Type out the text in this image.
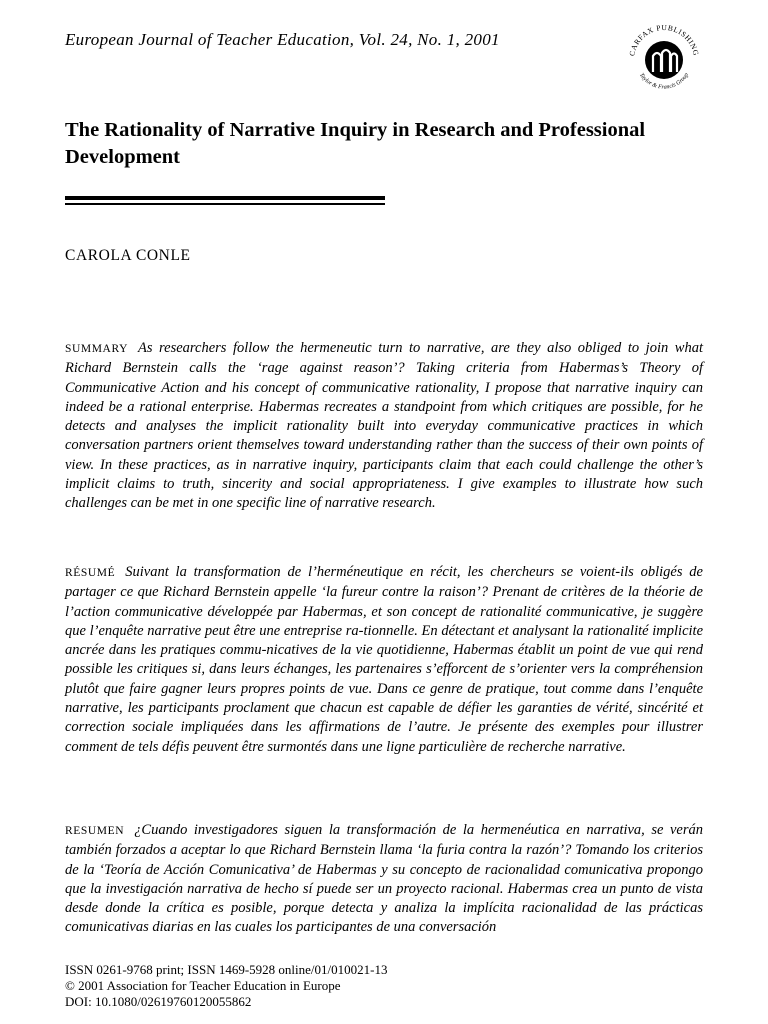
European Journal of Teacher Education, Vol. 24, No. 1, 2001
CARFAX PUBLISHING
Taylor & Francis Group
The Rationality of Narrative Inquiry in Research and Professional Development
CAROLA CONLE

SUMMARY As researchers follow the hermeneutic turn to narrative, are they also obliged to join what Richard Bernstein calls the ‘rage against reason’? Taking criteria from Habermas’s Theory of Communicative Action and his concept of communicative rationality, I propose that narrative inquiry can indeed be a rational enterprise. Habermas recreates a standpoint from which critiques are possible, for he detects and analyses the implicit rationality built into everyday communicative practices in which conversation partners orient themselves toward understanding rather than the success of their own points of view. In these practices, as in narrative inquiry, participants claim that each could challenge the other’s implicit claims to truth, sincerity and social appropriateness. I give examples to illustrate how such challenges can be met in one specific line of narrative research.

RÉSUMÉ Suivant la transformation de l’herméneutique en récit, les chercheurs se voient-ils obligés de partager ce que Richard Bernstein appelle ‘la fureur contre la raison’? Prenant de critères de la théorie de l’action communicative développée par Habermas, et son concept de rationalité communicative, je suggère que l’enquête narrative peut être une entreprise ra-tionnelle. En détectant et analysant la rationalité implicite ancrée dans les pratiques commu-nicatives de la vie quotidienne, Habermas établit un point de vue qui rend possible les critiques si, dans leurs échanges, les partenaires s’efforcent de s’orienter vers la compréhension plutôt que faire gagner leurs propres points de vue. Dans ce genre de pratique, tout comme dans l’enquête narrative, les participants proclament que chacun est capable de défier les garanties de vérité, sincérité et correction sociale impliquées dans les affirmations de l’autre. Je présente des exemples pour illustrer comment de tels défis peuvent être surmontés dans une ligne particulière de recherche narrative.

RESUMEN ¿Cuando investigadores siguen la transformación de la hermenéutica en narrativa, se verán también forzados a aceptar lo que Richard Bernstein llama ‘la furia contra la razón’? Tomando los criterios de la ‘Teoría de Acción Comunicativa’ de Habermas y su concepto de racionalidad comunicativa propongo que la investigación narrativa de hecho sí puede ser un proyecto racional. Habermas crea un punto de vista desde donde la crítica es posible, porque detecta y analiza la implícita racionalidad de las prácticas comunicativas diarias en las cuales los participantes de una conversación

ISSN 0261-9768 print; ISSN 1469-5928 online/01/010021-13
© 2001 Association for Teacher Education in Europe
DOI: 10.1080/02619760120055862
